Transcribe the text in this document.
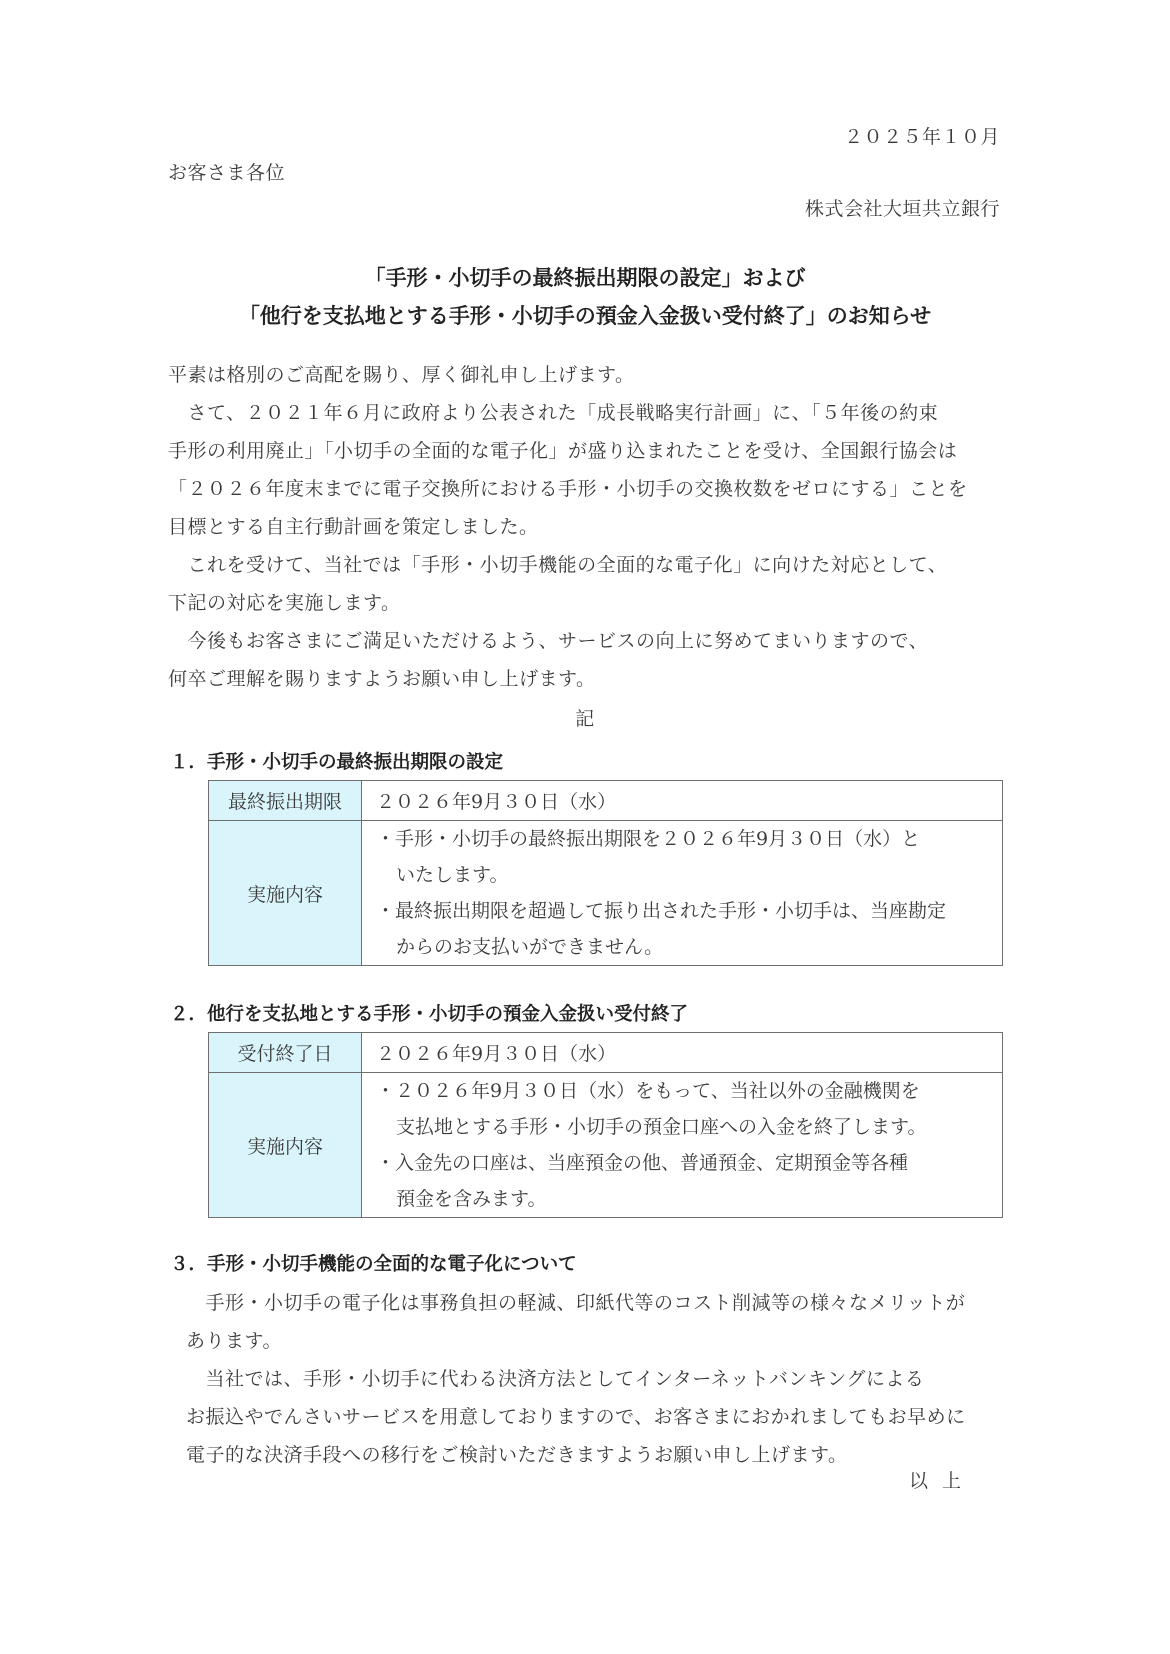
２０２５年１０月
お客さま各位
株式会社大垣共立銀行
「手形・小切手の最終振出期限の設定」および
「他行を支払地とする手形・小切手の預金入金扱い受付終了」のお知らせ
平素は格別のご高配を賜り、厚く御礼申し上げます。
　さて、２０２１年６月に政府より公表された「成長戦略実行計画」に、「５年後の約束
手形の利用廃止」「小切手の全面的な電子化」が盛り込まれたことを受け、全国銀行協会は
「２０２６年度末までに電子交換所における手形・小切手の交換枚数をゼロにする」ことを
目標とする自主行動計画を策定しました。
　これを受けて、当社では「手形・小切手機能の全面的な電子化」に向けた対応として、
下記の対応を実施します。
　今後もお客さまにご満足いただけるよう、サービスの向上に努めてまいりますので、
何卒ご理解を賜りますようお願い申し上げます。
記
１．手形・小切手の最終振出期限の設定
最終振出期限	２０２６年9月３０日（水）
実施内容	・手形・小切手の最終振出期限を２０２６年9月３０日（水）と
いたします。
・最終振出期限を超過して振り出された手形・小切手は、当座勘定
からのお支払いができません。
２．他行を支払地とする手形・小切手の預金入金扱い受付終了
受付終了日	２０２６年9月３０日（水）
実施内容	・２０２６年9月３０日（水）をもって、当社以外の金融機関を
支払地とする手形・小切手の預金口座への入金を終了します。
・入金先の口座は、当座預金の他、普通預金、定期預金等各種
預金を含みます。
３．手形・小切手機能の全面的な電子化について
　手形・小切手の電子化は事務負担の軽減、印紙代等のコスト削減等の様々なメリットが
あります。
　当社では、手形・小切手に代わる決済方法としてインターネットバンキングによる
お振込やでんさいサービスを用意しておりますので、お客さまにおかれましてもお早めに
電子的な決済手段への移行をご検討いただきますようお願い申し上げます。
以上
